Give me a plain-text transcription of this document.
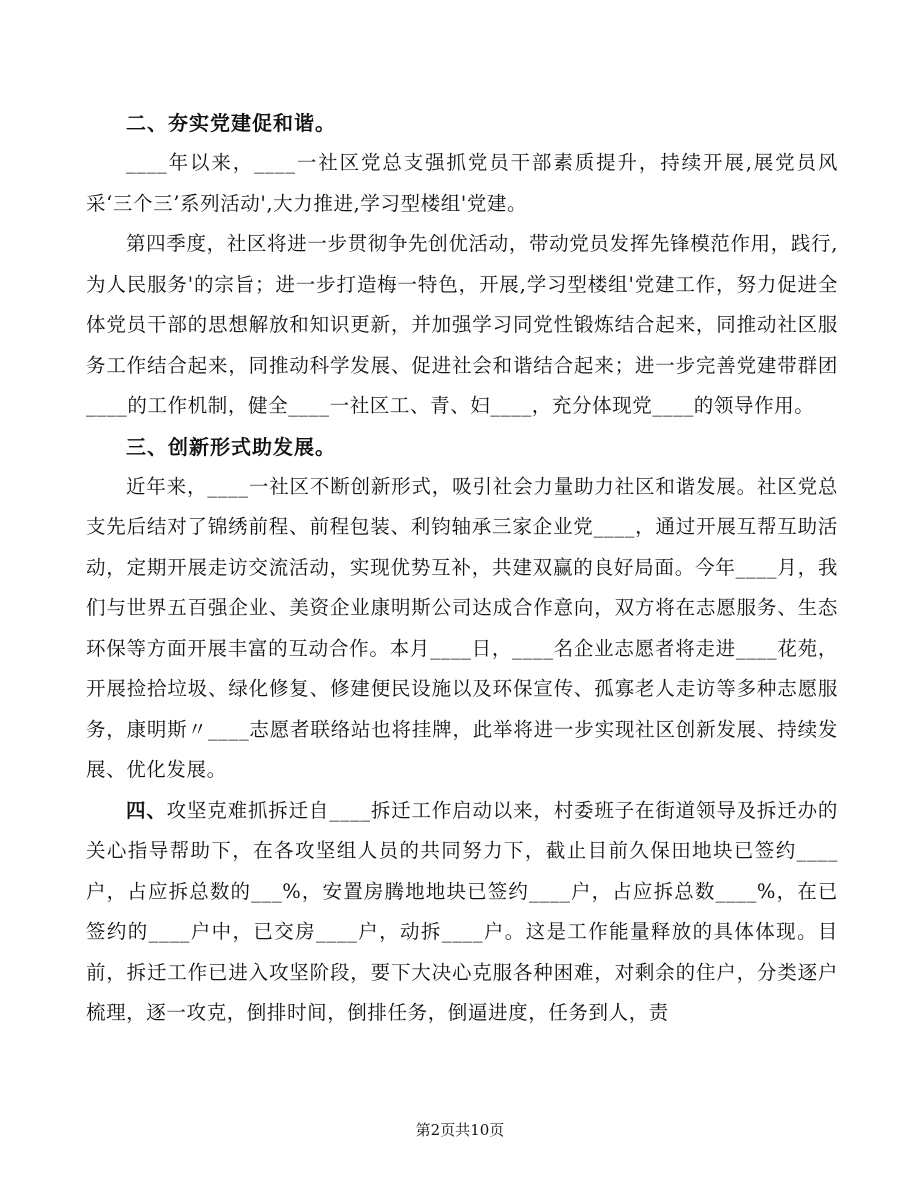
二、夯实党建促和谐。

____年以来，____一社区党总支强抓党员干部素质提升，持续开展,展党员风采‘三个三’系列活动',大力推进,学习型楼组'党建。

第四季度，社区将进一步贯彻争先创优活动，带动党员发挥先锋模范作用，践行,为人民服务'的宗旨；进一步打造梅一特色，开展,学习型楼组'党建工作，努力促进全体党员干部的思想解放和知识更新，并加强学习同党性锻炼结合起来，同推动社区服务工作结合起来，同推动科学发展、促进社会和谐结合起来；进一步完善党建带群团____的工作机制，健全____一社区工、青、妇____，充分体现党____的领导作用。

三、创新形式助发展。

近年来，____一社区不断创新形式，吸引社会力量助力社区和谐发展。社区党总支先后结对了锦绣前程、前程包装、利钧轴承三家企业党____，通过开展互帮互助活动，定期开展走访交流活动，实现优势互补，共建双赢的良好局面。今年____月，我们与世界五百强企业、美资企业康明斯公司达成合作意向，双方将在志愿服务、生态环保等方面开展丰富的互动合作。本月____日，____名企业志愿者将走进____花苑，开展捡拾垃圾、绿化修复、修建便民设施以及环保宣传、孤寡老人走访等多种志愿服务，康明斯〃____志愿者联络站也将挂牌，此举将进一步实现社区创新发展、持续发展、优化发展。

四、攻坚克难抓拆迁自____拆迁工作启动以来，村委班子在街道领导及拆迁办的关心指导帮助下，在各攻坚组人员的共同努力下，截止目前久保田地块已签约____户，占应拆总数的___%，安置房腾地地块已签约____户，占应拆总数____%，在已签约的____户中，已交房____户，动拆____户。这是工作能量释放的具体体现。目前，拆迁工作已进入攻坚阶段，要下大决心克服各种困难，对剩余的住户，分类逐户梳理，逐一攻克，倒排时间，倒排任务，倒逼进度，任务到人，责

第2页共10页
